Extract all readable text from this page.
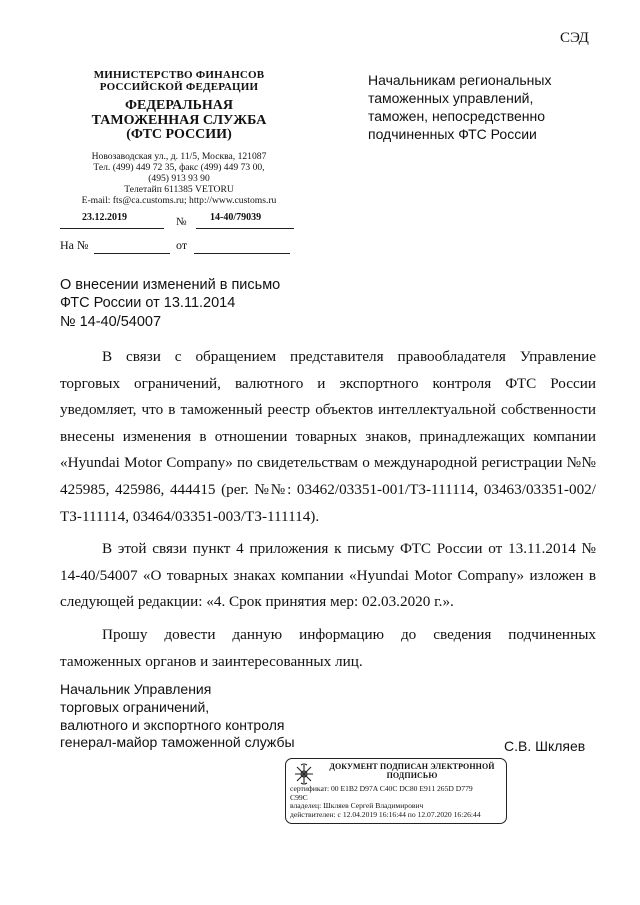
СЭД
МИНИСТЕРСТВО ФИНАНСОВ
РОССИЙСКОЙ ФЕДЕРАЦИИ
ФЕДЕРАЛЬНАЯ
ТАМОЖЕННАЯ СЛУЖБА
(ФТС РОССИИ)
Новозаводская ул., д. 11/5, Москва, 121087
Тел. (499) 449 72 35, факс (499) 449 73 00,
(495) 913 93 90
Телетайп 611385 VETORU
E-mail: fts@ca.customs.ru; http://www.customs.ru
23.12.2019	№ 14-40/79039
На №	от
Начальникам региональных
таможенных управлений,
таможен, непосредственно
подчиненных ФТС России
О внесении изменений в письмо
ФТС России от 13.11.2014
№ 14-40/54007

В связи с обращением представителя правообладателя Управление торговых ограничений, валютного и экспортного контроля ФТС России уведомляет, что в таможенный реестр объектов интеллектуальной собственности внесены изменения в отношении товарных знаков, принадлежащих компании «Hyundai Motor Company» по свидетельствам о международной регистрации №№ 425985, 425986, 444415 (рег. №№: 03462/03351-001/ТЗ-111114, 03463/03351-002/ТЗ-111114, 03464/03351-003/ТЗ-111114).

В этой связи пункт 4 приложения к письму ФТС России от 13.11.2014 № 14-40/54007 «О товарных знаках компании «Hyundai Motor Company» изложен в следующей редакции: «4. Срок принятия мер: 02.03.2020 г.».

Прошу довести данную информацию до сведения подчиненных таможенных органов и заинтересованных лиц.

Начальник Управления
торговых ограничений,
валютного и экспортного контроля
генерал-майор таможенной службы	С.В. Шкляев
ДОКУМЕНТ ПОДПИСАН ЭЛЕКТРОННОЙ
ПОДПИСЬЮ
сертификат: 00 E1B2 D97A C40C DC80 E911 265D D779
C99C
владелец: Шкляев Сергей Владимирович
действителен: с 12.04.2019 16:16:44 по 12.07.2020 16:26:44
